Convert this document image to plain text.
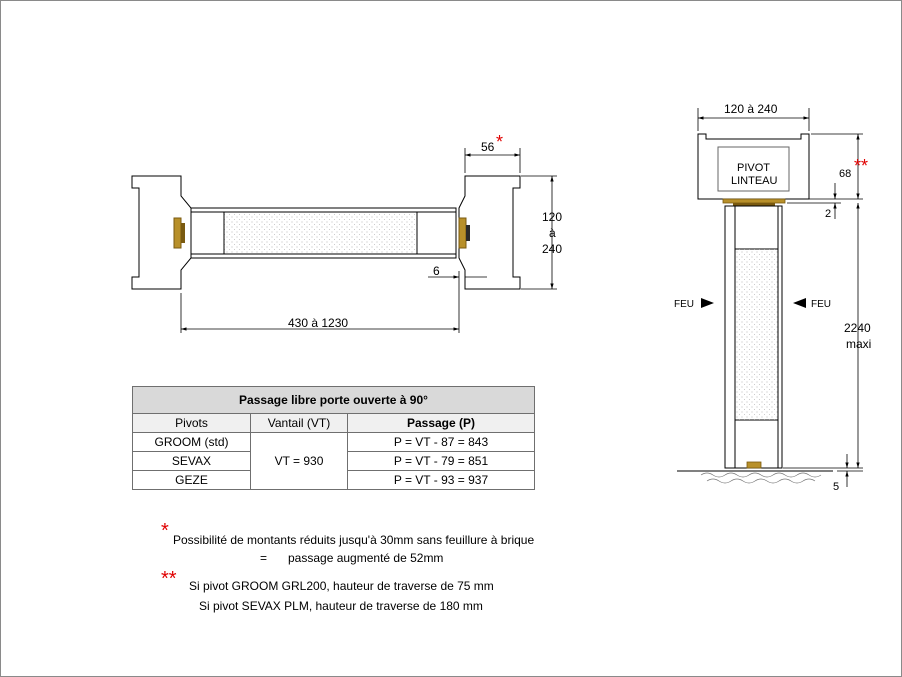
56 *
120
à
240
6
430 à 1230
FEU	FEU
120 à 240
PIVOT
LINTEAU
68 **
2
2240
maxi
5
Passage libre porte ouverte à 90°		
Pivots	Vantail (VT)	Passage (P)
GROOM (std)	VT = 930	P = VT - 87 = 843
SEVAX		P = VT - 79 = 851
GEZE		P = VT - 93 = 937
* Possibilité de montants réduits jusqu'à 30mm sans feuillure à brique
= passage augmenté de 52mm
** Si pivot GROOM GRL200, hauteur de traverse de 75 mm
Si pivot SEVAX PLM, hauteur de traverse de 180 mm
